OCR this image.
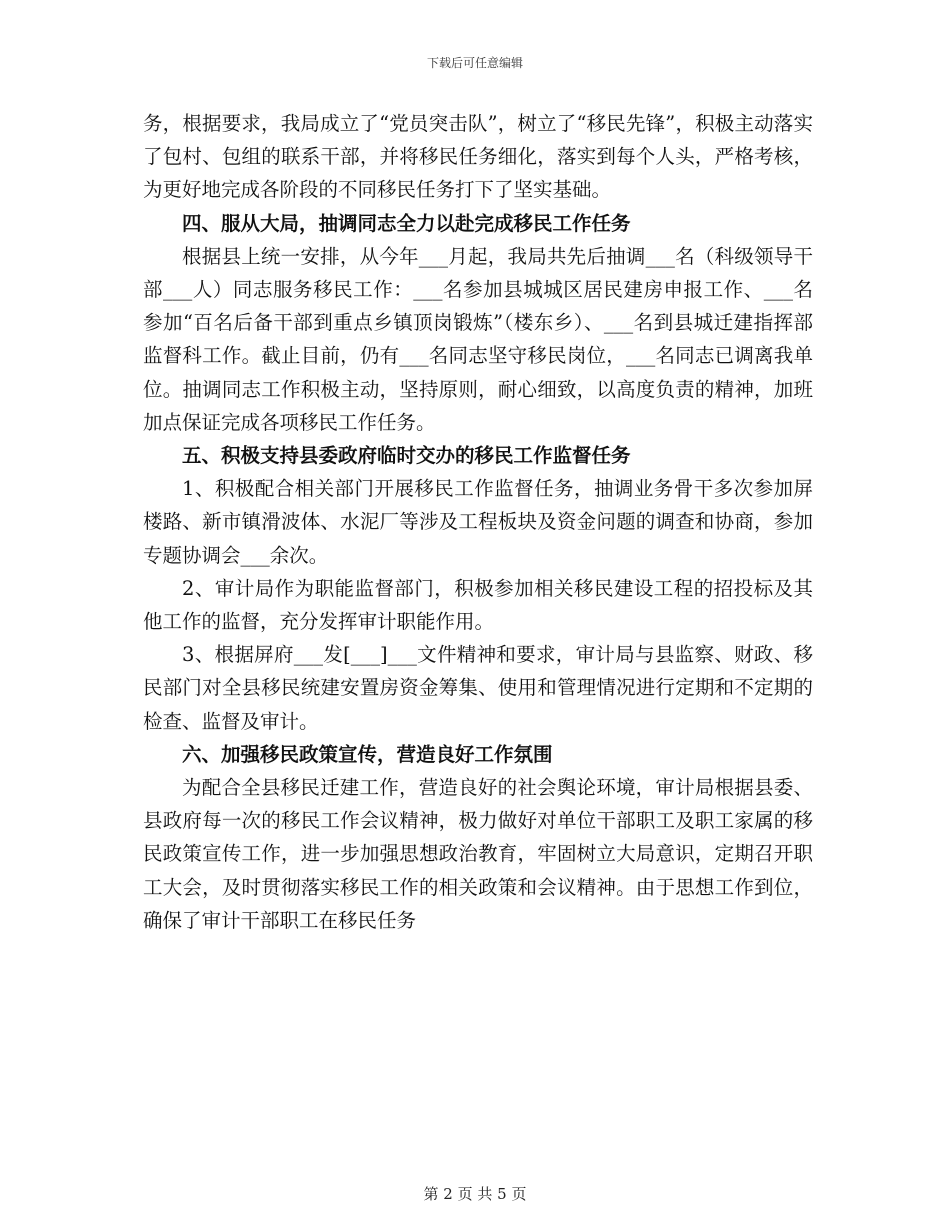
下载后可任意编辑

务，根据要求，我局成立了“党员突击队”，树立了“移民先锋”，积极主动落实了包村、包组的联系干部，并将移民任务细化，落实到每个人头，严格考核，为更好地完成各阶段的不同移民任务打下了坚实基础。

四、服从大局，抽调同志全力以赴完成移民工作任务

根据县上统一安排，从今年___月起，我局共先后抽调___名（科级领导干部___人）同志服务移民工作：___名参加县城城区居民建房申报工作、___名参加“百名后备干部到重点乡镇顶岗锻炼”（楼东乡）、___名到县城迁建指挥部监督科工作。截止目前，仍有___名同志坚守移民岗位，___名同志已调离我单位。抽调同志工作积极主动，坚持原则，耐心细致，以高度负责的精神，加班加点保证完成各项移民工作任务。

五、积极支持县委政府临时交办的移民工作监督任务

1、积极配合相关部门开展移民工作监督任务，抽调业务骨干多次参加屏楼路、新市镇滑波体、水泥厂等涉及工程板块及资金问题的调查和协商，参加专题协调会___余次。

2、审计局作为职能监督部门，积极参加相关移民建设工程的招投标及其他工作的监督，充分发挥审计职能作用。

3、根据屏府___发[___]___文件精神和要求，审计局与县监察、财政、移民部门对全县移民统建安置房资金筹集、使用和管理情况进行定期和不定期的检查、监督及审计。

六、加强移民政策宣传，营造良好工作氛围

为配合全县移民迁建工作，营造良好的社会舆论环境，审计局根据县委、县政府每一次的移民工作会议精神，极力做好对单位干部职工及职工家属的移民政策宣传工作，进一步加强思想政治教育，牢固树立大局意识，定期召开职工大会，及时贯彻落实移民工作的相关政策和会议精神。由于思想工作到位，确保了审计干部职工在移民任务

第 2 页 共 5 页
